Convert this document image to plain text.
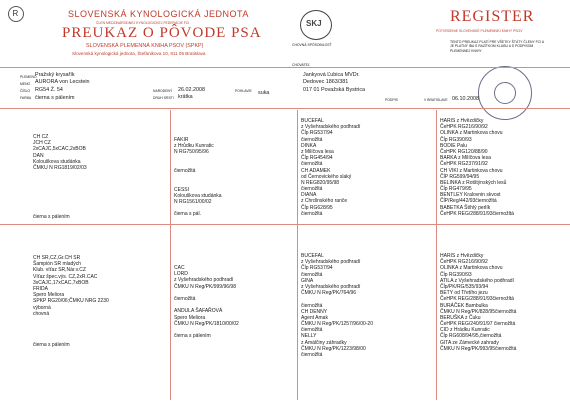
R	SLOVENSKÁ KYNOLOGICKÁ JEDNOTA
ČLEN MEDZINÁRODNEJ KYNOLOGICKEJ FEDERÁCIE FCI
PREUKAZ O PÔVODE PSA
SLOVENSKÁ PLEMENNÁ KNIHA PSOV (SPKP)
Slovenská kynologická jednota, Štefánikova 10, 811 05 Bratislava
SKJ
CHOVNÁ SPÔSOBILOSŤ
REGISTER
POTVRDENIE SLOVENSKÉ PLEMENNEJ KNIHY PSOV
TENTO PREUKAZ PLATÍ PRE VŠETKY ŠTÁTY ČLENY FCI A JE PLATNÝ IBA S RAZÍTKOM KLUBU A S PODPISOM PLEMENNEJ KNIHY
PLEMENO
MENO
ČÍSLO
FARBA
Pražský krysařík
AURORA von Lecstein
RG54 Ž. 54
čierna s pálením
NARODENÝ
DRUH SRSTI
26.02.2008
krátka
POHLAVIE suka
CHOVATEĽ
Jankyová Ľubica MVDr.
Dedovec 1863/381
017 01 Považská Bystrica
PODPIS	V BRATISLAVE 06.10.2008
CH CZ
JCH CZ
2xCAJC,5xCAC,2xBOB
DAN
Kolouškova studánka
ČMKU N RG1819/02/03
čierna s pálením
FAKIR
z Hrůdku Kunratic
N RG750/95/96
čiernožltá
CESSI
Kolouškova studánka
N RG1561/00/02
čierna s pál.
BUCEFAL
z Vyšehradského podhradí
Čĺp RG537/94
čiernožltá
DINKA
z Milíčova lesa
Čĺp RG454/94
čiernožltá
CH ADAMEK
od Černovického slaký
N REG820/95/98
čiernožltá
DIANA
z Chrdínského ranče
Čĺp RG628/95
čiernožltá
HARIS z Hvězdičky
ČeHPK RG216/90/92
OLINKA z Martinkova chovu
Čĺp RG390/93
BODIE Palu
ČsHPK RG120/88/90
BARKA z Milíčova lesa
ČeHPK RG237/91/92
CH VIKI z Martinkova chovu
ČĺP RG599/94/95
BELINKA z Rotštýnských lesů
Čĺp RG479/95
BENTLEY Kralovnin skvost
ČĺP/Reg/442/93čiernožltá
BABETKA Štíhlý perlík
ČeHPK REG/288/91/93čiernožltá
CH SR,CZ,Gr.CH SR
Šampión SR mladých
Klub. víťaz SR,Nár.v.CZ
Víťaz špec.výs. CZ,2xR.CAC
3xCAJC,17xCAC,7xBOB
FRIDA
Spero Meliora
SPKP RG20/06;ČMKU NRG 2230
výborná
chovná
čierna s pálením
CAC
LORD
z Vyšehradského podhradí
ČMKU N Reg/PK/999/96/98
čiernožltá
ANDULA ŠAFAŘOVÁ
Spero Meliora
ČMKU N Reg/PK/1810/00/02
čierna s pálením
BUCEFAL
z Vyšehradského podhradí
Čĺp RG537/94
čiernožltá
GINA
z Vyšehradského podhradí
ČMKU N Reg/PK/764/96
čiernožltá
CH DENNY
Agent Amak
ČMKU N Reg/PK/1257/96/00-20
čiernožltá
NELLY
z Amálčiny záhradky
ČMKU N Reg/PK/1223/98/00
čiernožltá
HARIS z Hvězdičky
ČeHPK RG216/90/92
OLINKA z Martinkova chovu
Čĺp RG390/93
ATILA z Vyšehradského podhradí
Čĺp/PK/RG/535/93/94
BETY od Třetího jezu
ČeHPK REG/288/91/93čiernožltá
BURÁČEK Bambulka
ČMKU N Reg/PK/828/95čiernožltá
BERUŠKA z Čuku
ČeHPK REG/240/91/97 čiernožltá
CID z Hrádku Kunratic
Čĺp RG608/94/95,čiernožltá
GITA ze Zámecké zahrady
ČMKU N Reg/PK/993/95čiernožltá
